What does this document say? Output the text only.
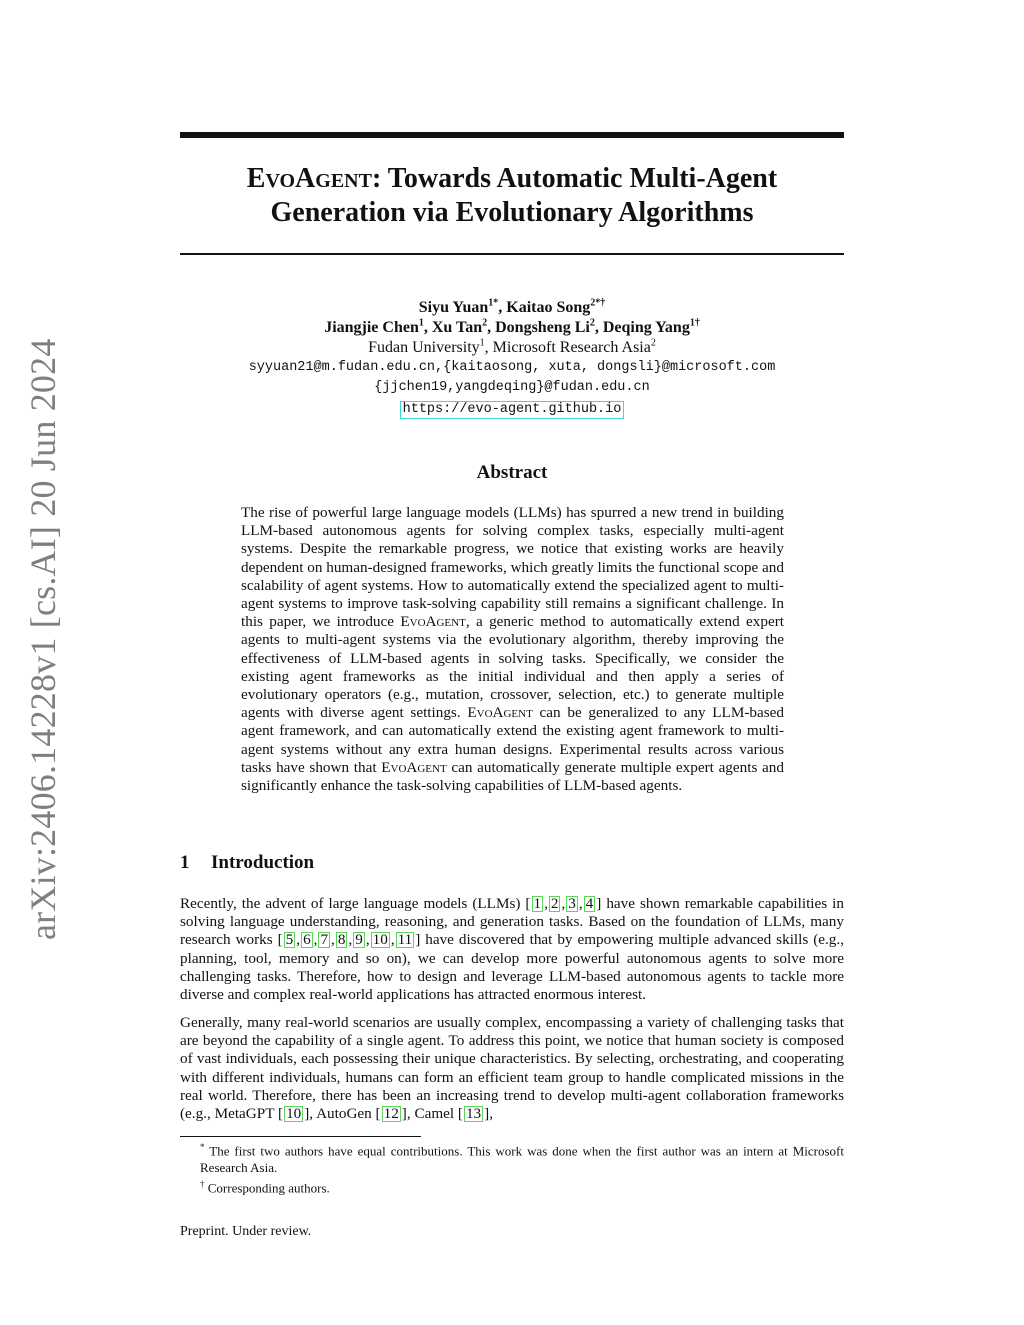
arXiv:2406.14228v1 [cs.AI] 20 Jun 2024
EvoAgent: Towards Automatic Multi-Agent
Generation via Evolutionary Algorithms
Siyu Yuan$^{1*}$, Kaitao Song$^{2*\dagger}$
Jiangjie Chen$^1$, Xu Tan$^2$, Dongsheng Li$^2$, Deqing Yang$^{1\dagger}$
Fudan University$^1$, Microsoft Research Asia$^2$
syyuan21@m.fudan.edu.cn,{kaitaosong, xuta, dongsli}@microsoft.com
{jjchen19,yangdeqing}@fudan.edu.cn
https://evo-agent.github.io
Abstract
The rise of powerful large language models (LLMs) has spurred a new trend in building LLM-based autonomous agents for solving complex tasks, especially multi-agent systems. Despite the remarkable progress, we notice that existing works are heavily dependent on human-designed frameworks, which greatly limits the functional scope and scalability of agent systems. How to automatically extend the specialized agent to multi-agent systems to improve task-solving capability still remains a significant challenge. In this paper, we introduce EvoAgent, a generic method to automatically extend expert agents to multi-agent systems via the evolutionary algorithm, thereby improving the effectiveness of LLM-based agents in solving tasks. Specifically, we consider the existing agent frameworks as the initial individual and then apply a series of evolutionary operators (e.g., mutation, crossover, selection, etc.) to generate multiple agents with diverse agent settings. EvoAgent can be generalized to any LLM-based agent framework, and can automatically extend the existing agent framework to multi-agent systems without any extra human designs. Experimental results across various tasks have shown that EvoAgent can automatically generate multiple expert agents and significantly enhance the task-solving capabilities of LLM-based agents.
1 Introduction
Recently, the advent of large language models (LLMs) [ 1 , 2 , 3 , 4 ] have shown remarkable capabilities in solving language understanding, reasoning, and generation tasks. Based on the foundation of LLMs, many research works [ 5 , 6 , 7 , 8 , 9 , 10 , 11 ] have discovered that by empowering multiple advanced skills (e.g., planning, tool, memory and so on), we can develop more powerful autonomous agents to solve more challenging tasks. Therefore, how to design and leverage LLM-based autonomous agents to tackle more diverse and complex real-world applications has attracted enormous interest.
Generally, many real-world scenarios are usually complex, encompassing a variety of challenging tasks that are beyond the capability of a single agent. To address this point, we notice that human society is composed of vast individuals, each possessing their unique characteristics. By selecting, orchestrating, and cooperating with different individuals, humans can form an efficient team group to handle complicated missions in the real world. Therefore, there has been an increasing trend to develop multi-agent collaboration frameworks (e.g., MetaGPT [ 10 ], AutoGen [ 12 ], Camel [ 13 ],
* The first two authors have equal contributions. This work was done when the first author was an intern at Microsoft Research Asia.
† Corresponding authors.
Preprint. Under review.
